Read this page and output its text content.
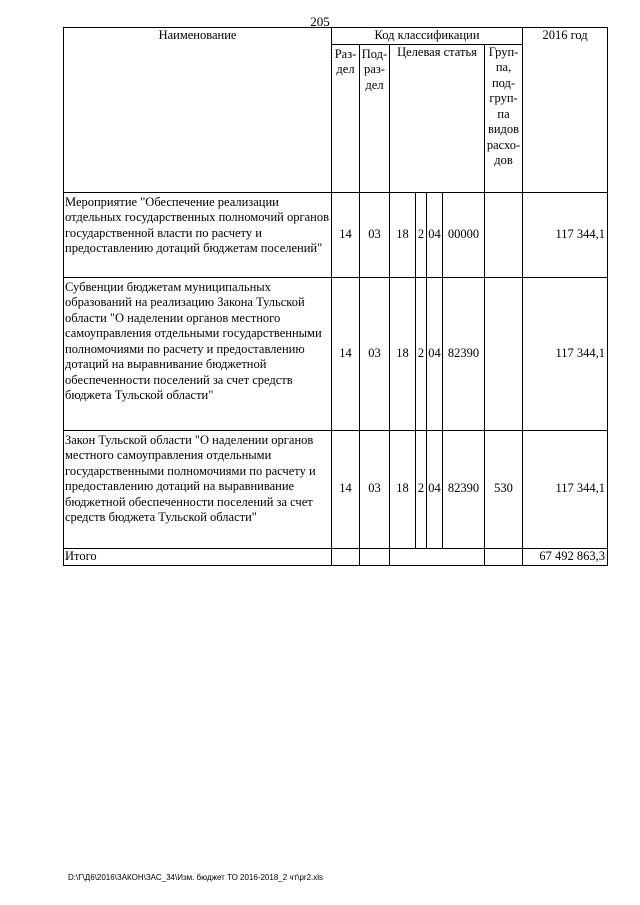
205
Наименование	Код классификации							2016 год
	Раз-дел	Под-раз-дел	Целевая статья				Груп-па, под-груп-па видов расхо-дов	
Мероприятие "Обеспечение реализации отдельных государственных полномочий органов государственной власти по расчету и предоставлению дотаций бюджетам поселений"	14	03	18	2	04	00000		117 344,1
Субвенции бюджетам муниципальных образований на реализацию Закона Тульской области "О наделении органов местного самоуправления отдельными государственными полномочиями по расчету и предоставлению дотаций на выравнивание бюджетной обеспеченности поселений за счет средств бюджета Тульской области"	14	03	18	2	04	82390		117 344,1
Закон Тульской области "О наделении органов местного самоуправления отдельными государственными полномочиями по расчету и предоставлению дотаций на выравнивание бюджетной обеспеченности поселений за счет средств бюджета Тульской области"	14	03	18	2	04	82390	530	117 344,1
Итого								67 492 863,3
D:\Г\Д6\2016\ЗАКОН\ЗАС_34\Изм. бюджет ТО 2016-2018_2 чт\pr2.xls
